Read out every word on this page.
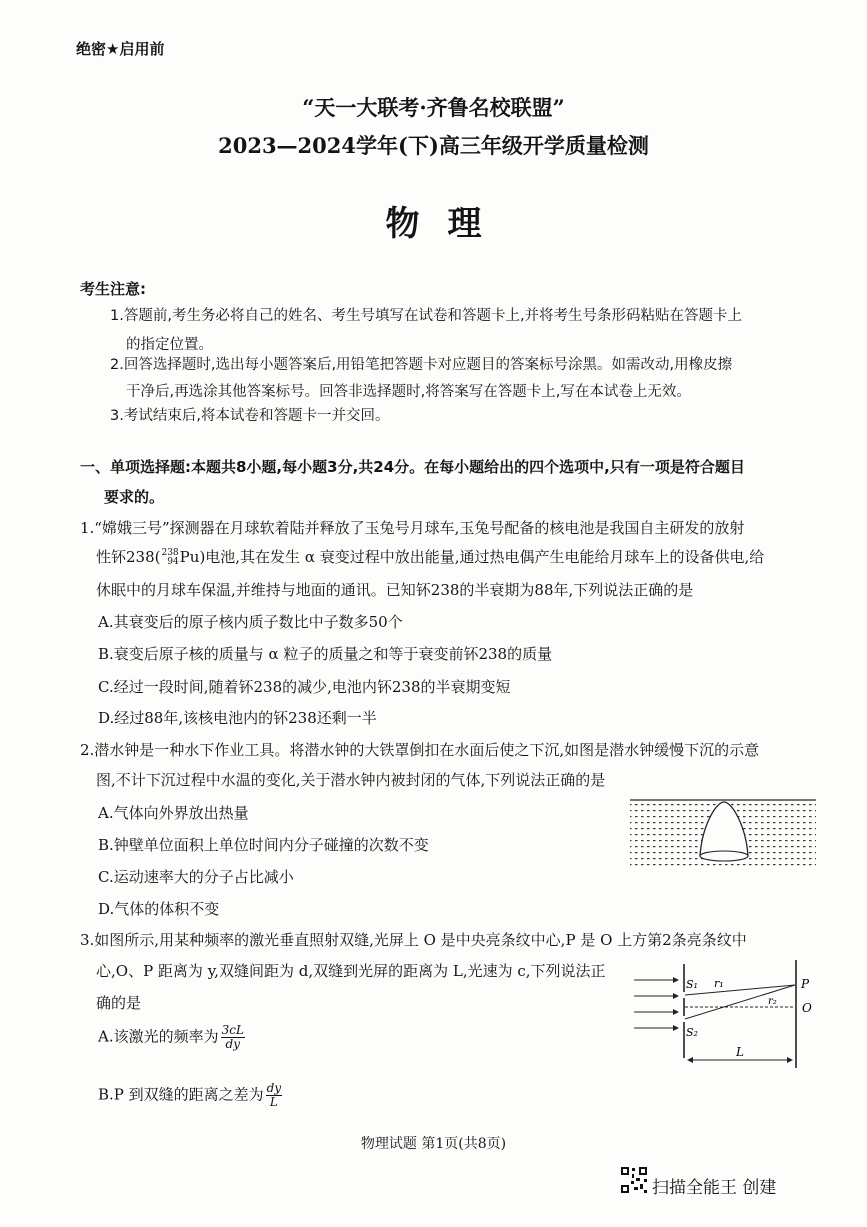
绝密★启用前
“天一大联考·齐鲁名校联盟”
2023—2024学年(下)高三年级开学质量检测
物理
考生注意:
1.答题前,考生务必将自己的姓名、考生号填写在试卷和答题卡上,并将考生号条形码粘贴在答题卡上
的指定位置。
2.回答选择题时,选出每小题答案后,用铅笔把答题卡对应题目的答案标号涂黑。如需改动,用橡皮擦
干净后,再选涂其他答案标号。回答非选择题时,将答案写在答题卡上,写在本试卷上无效。
3.考试结束后,将本试卷和答题卡一并交回。
一、单项选择题:本题共8小题,每小题3分,共24分。在每小题给出的四个选项中,只有一项是符合题目
要求的。
1.“嫦娥三号”探测器在月球软着陆并释放了玉兔号月球车,玉兔号配备的核电池是我国自主研发的放射
性钚238( 238
94 Pu)电池,其在发生 α 衰变过程中放出能量,通过热电偶产生电能给月球车上的设备供电,给
休眠中的月球车保温,并维持与地面的通讯。已知钚238的半衰期为88年,下列说法正确的是
A.其衰变后的原子核内质子数比中子数多50个
B.衰变后原子核的质量与 α 粒子的质量之和等于衰变前钚238的质量
C.经过一段时间,随着钚238的减少,电池内钚238的半衰期变短
D.经过88年,该核电池内的钚238还剩一半
2.潜水钟是一种水下作业工具。将潜水钟的大铁罩倒扣在水面后使之下沉,如图是潜水钟缓慢下沉的示意
图,不计下沉过程中水温的变化,关于潜水钟内被封闭的气体,下列说法正确的是
A.气体向外界放出热量
B.钟壁单位面积上单位时间内分子碰撞的次数不变
C.运动速率大的分子占比减小
D.气体的体积不变
3.如图所示,用某种频率的激光垂直照射双缝,光屏上 O 是中央亮条纹中心,P 是 O 上方第2条亮条纹中
心,O、P 距离为 y,双缝间距为 d,双缝到光屏的距离为 L,光速为 c,下列说法正
确的是
A.该激光的频率为 $\frac{3cL}{dy}$
B.P 到双缝的距离之差为 $\frac{dy}{L}$
S₁
S₂
r₁
r₂
P
O
L
物理试题 第1页(共8页)
扫描全能王 创建
